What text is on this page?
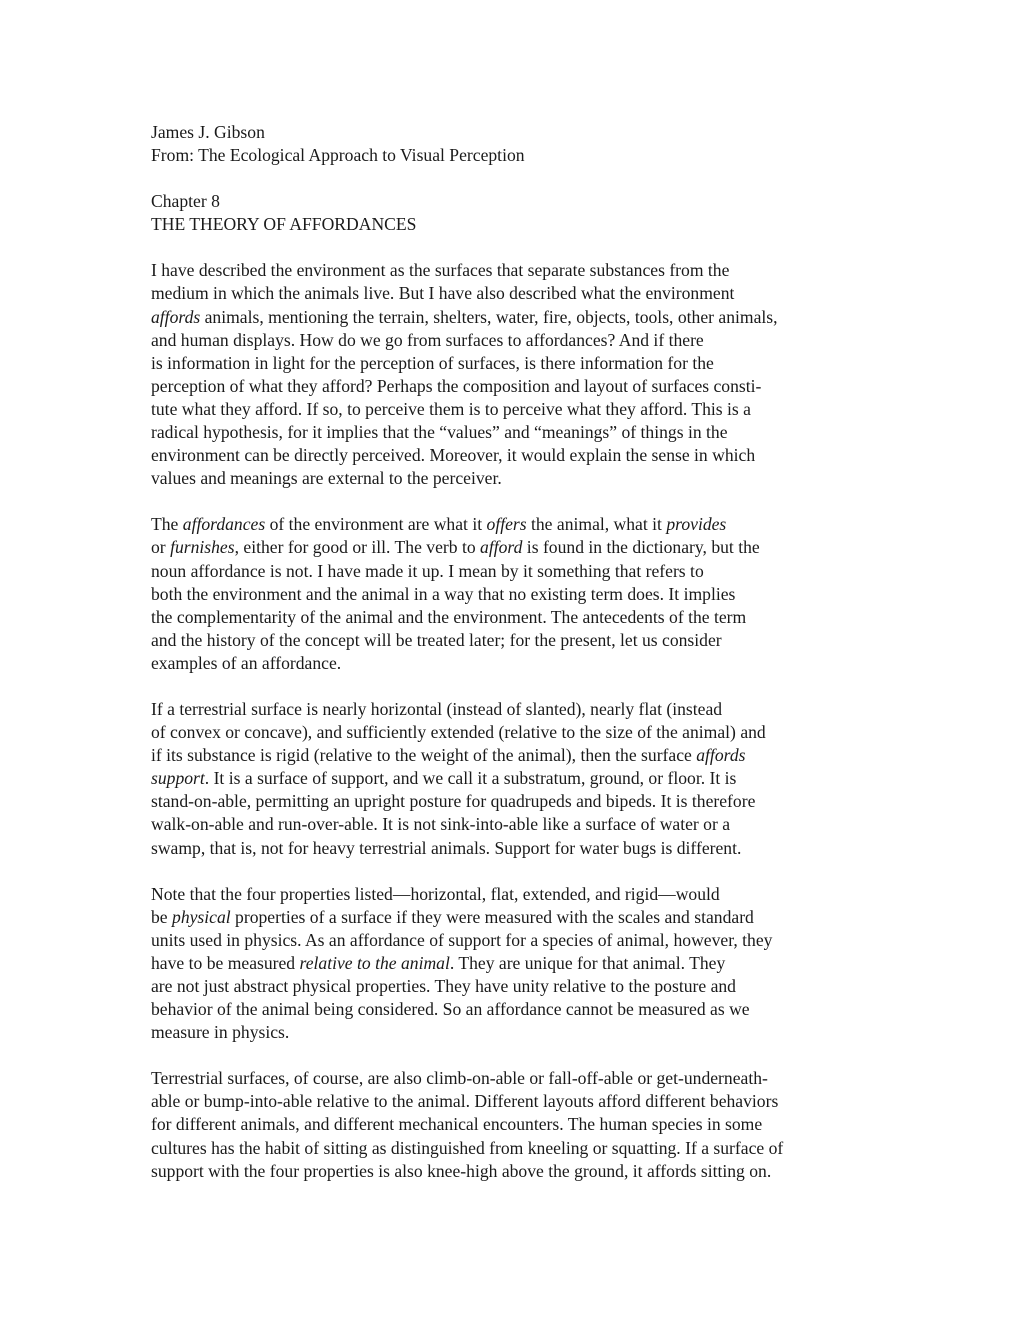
James J. Gibson
From: The Ecological Approach to Visual Perception
Chapter 8
THE THEORY OF AFFORDANCES
I have described the environment as the surfaces that separate substances from the
medium in which the animals live. But I have also described what the environment
affords animals, mentioning the terrain, shelters, water, fire, objects, tools, other animals,
and human displays. How do we go from surfaces to affordances? And if there
is information in light for the perception of surfaces, is there information for the
perception of what they afford? Perhaps the composition and layout of surfaces consti-
tute what they afford. If so, to perceive them is to perceive what they afford. This is a
radical hypothesis, for it implies that the “values” and “meanings” of things in the
environment can be directly perceived. Moreover, it would explain the sense in which
values and meanings are external to the perceiver.
The affordances of the environment are what it offers the animal, what it provides
or furnishes, either for good or ill. The verb to afford is found in the dictionary, but the
noun affordance is not. I have made it up. I mean by it something that refers to
both the environment and the animal in a way that no existing term does. It implies
the complementarity of the animal and the environment. The antecedents of the term
and the history of the concept will be treated later; for the present, let us consider
examples of an affordance.
If a terrestrial surface is nearly horizontal (instead of slanted), nearly flat (instead
of convex or concave), and sufficiently extended (relative to the size of the animal) and
if its substance is rigid (relative to the weight of the animal), then the surface affords
support. It is a surface of support, and we call it a substratum, ground, or floor. It is
stand-on-able, permitting an upright posture for quadrupeds and bipeds. It is therefore
walk-on-able and run-over-able. It is not sink-into-able like a surface of water or a
swamp, that is, not for heavy terrestrial animals. Support for water bugs is different.
Note that the four properties listed—horizontal, flat, extended, and rigid—would
be physical properties of a surface if they were measured with the scales and standard
units used in physics. As an affordance of support for a species of animal, however, they
have to be measured relative to the animal. They are unique for that animal. They
are not just abstract physical properties. They have unity relative to the posture and
behavior of the animal being considered. So an affordance cannot be measured as we
measure in physics.
Terrestrial surfaces, of course, are also climb-on-able or fall-off-able or get-underneath-
able or bump-into-able relative to the animal. Different layouts afford different behaviors
for different animals, and different mechanical encounters. The human species in some
cultures has the habit of sitting as distinguished from kneeling or squatting. If a surface of
support with the four properties is also knee-high above the ground, it affords sitting on.
